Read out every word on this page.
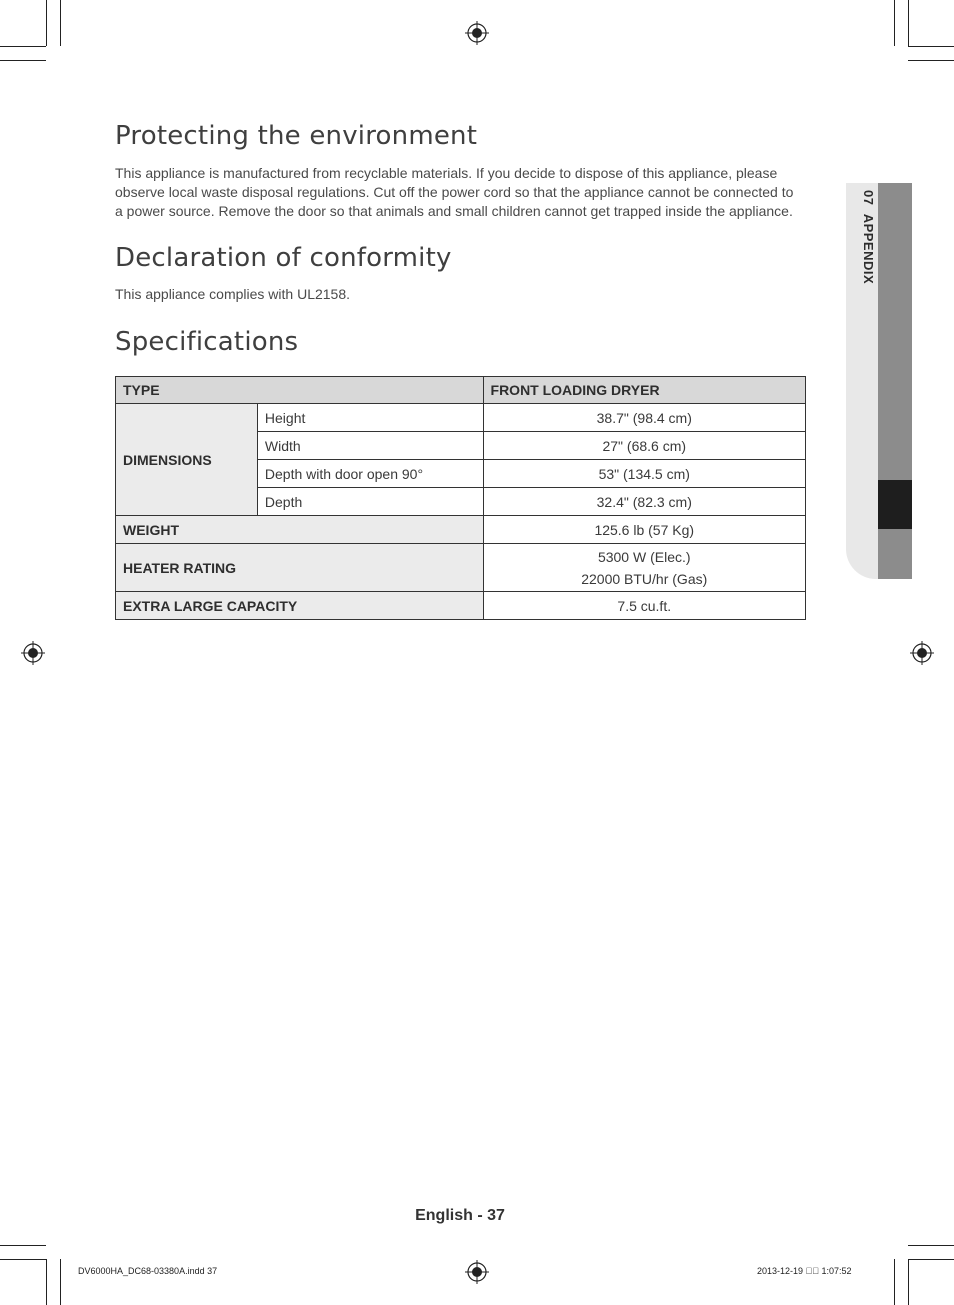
07  APPENDIX
Protecting the environment

This appliance is manufactured from recyclable materials. If you decide to dispose of this appliance, please observe local waste disposal regulations. Cut off the power cord so that the appliance cannot be connected to a power source. Remove the door so that animals and small children cannot get trapped inside the appliance.

Declaration of conformity

This appliance complies with UL2158.

Specifications
TYPE		FRONT LOADING DRYER
DIMENSIONS	Height	38.7" (98.4 cm)
	Width	27" (68.6 cm)
	Depth with door open 90°	53" (134.5 cm)
	Depth	32.4" (82.3 cm)
WEIGHT		125.6 lb (57 Kg)
HEATER RATING		5300 W (Elec.)
22000 BTU/hr (Gas)

EXTRA LARGE CAPACITY		7.5 cu.ft.
English - 37
DV6000HA_DC68-03380A.indd 37	2013-12-19 ￿￿ 1:07:52
